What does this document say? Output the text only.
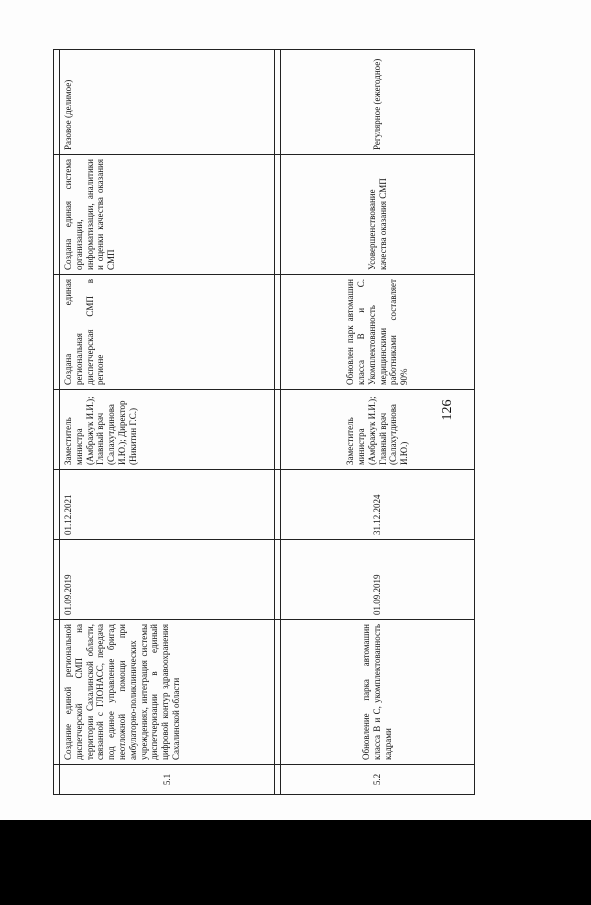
126

5.1	Создание единой региональной диспетчерской СМП на территории Сахалинской области, связанной с ГЛОНАСС, передача под единое управление бригад неотложной помощи при амбулаторно-поликлинических учреждениях, интеграция системы диспетчеризации в единый цифровой контур здравоохранения Сахалинской области	01.09.2019	01.12.2021	Заместитель министра (Амбражук И.И.); Главный врач (Салахутдинова И.Ю.); Директор (Никитин Г.С.)	Создана единая региональная диспетчерская СМП в регионе	Создана единая система организации, информатизации, аналитики и оценки качества оказания СМП	Разовое (делимое)

5.2	Обновление парка автомашин класса В и С, укомплектованность кадрами	01.09.2019	31.12.2024	Заместитель министра (Амбражук И.И.); Главный врач (Салахутдинова И.Ю.)	Обновлен парк автомашин класса В и С. Укомплектованность медицинскими работниками составляет 90%	Усовершенствование качества оказания СМП	Регулярное (ежегодное)
